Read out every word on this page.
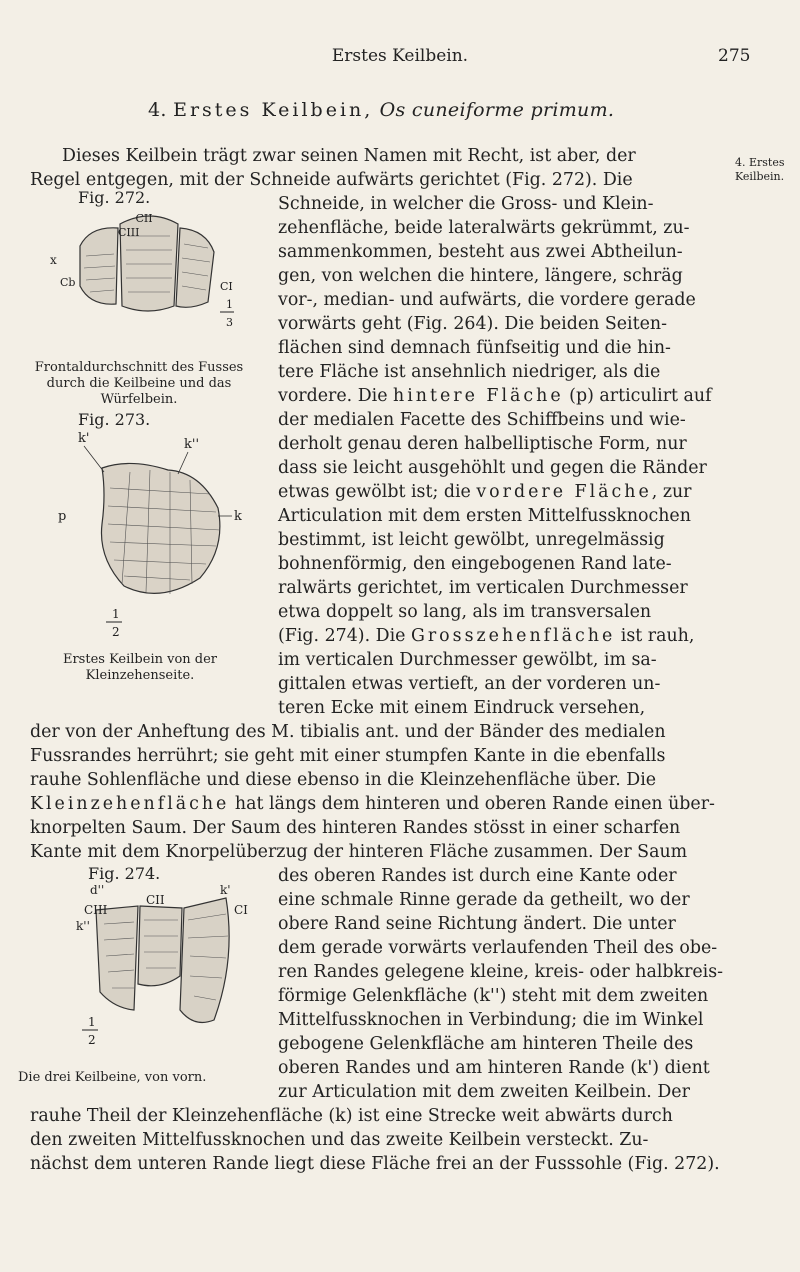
Erstes Keilbein.	275
4. Erstes Keilbein, Os cuneiforme primum.
4. Erstes Keilbein.
Fig. 272.
CII
CIII
x
Cb	CI
1
3
Frontaldurchschnitt des Fusses durch die Keilbeine und das Würfelbein.
Fig. 273.
k'	k''
p	k
1
2
Erstes Keilbein von der Kleinzehenseite.
Fig. 274.
d''	k'
CIII
CII
CI
k''
1
2
Die drei Keilbeine, von vorn.
Dieses Keilbein trägt zwar seinen Namen mit Recht, ist aber, der
Regel entgegen, mit der Schneide aufwärts gerichtet (Fig. 272). Die
Schneide, in welcher die Gross- und Klein-
zehenfläche, beide lateralwärts gekrümmt, zu-
sammenkommen, besteht aus zwei Abtheilun-
gen, von welchen die hintere, längere, schräg
vor-, median- und aufwärts, die vordere gerade
vorwärts geht (Fig. 264). Die beiden Seiten-
flächen sind demnach fünfseitig und die hin-
tere Fläche ist ansehnlich niedriger, als die
vordere. Die hintere Fläche (p) articulirt auf
der medialen Facette des Schiffbeins und wie-
derholt genau deren halbelliptische Form, nur
dass sie leicht ausgehöhlt und gegen die Ränder
etwas gewölbt ist; die vordere Fläche, zur
Articulation mit dem ersten Mittelfussknochen
bestimmt, ist leicht gewölbt, unregelmässig
bohnenförmig, den eingebogenen Rand late-
ralwärts gerichtet, im verticalen Durchmesser
etwa doppelt so lang, als im transversalen
(Fig. 274). Die Grosszehenfläche ist rauh,
im verticalen Durchmesser gewölbt, im sa-
gittalen etwas vertieft, an der vorderen un-
teren Ecke mit einem Eindruck versehen,
der von der Anheftung des M. tibialis ant. und der Bänder des medialen
Fussrandes herrührt; sie geht mit einer stumpfen Kante in die ebenfalls
rauhe Sohlenfläche und diese ebenso in die Kleinzehenfläche über. Die
Kleinzehenfläche hat längs dem hinteren und oberen Rande einen über-
knorpelten Saum. Der Saum des hinteren Randes stösst in einer scharfen
Kante mit dem Knorpelüberzug der hinteren Fläche zusammen. Der Saum
des oberen Randes ist durch eine Kante oder
eine schmale Rinne gerade da getheilt, wo der
obere Rand seine Richtung ändert. Die unter
dem gerade vorwärts verlaufenden Theil des obe-
ren Randes gelegene kleine, kreis- oder halbkreis-
förmige Gelenkfläche (k'') steht mit dem zweiten
Mittelfussknochen in Verbindung; die im Winkel
gebogene Gelenkfläche am hinteren Theile des
oberen Randes und am hinteren Rande (k') dient
zur Articulation mit dem zweiten Keilbein. Der
rauhe Theil der Kleinzehenfläche (k) ist eine Strecke weit abwärts durch
den zweiten Mittelfussknochen und das zweite Keilbein versteckt. Zu-
nächst dem unteren Rande liegt diese Fläche frei an der Fusssohle (Fig. 272).
